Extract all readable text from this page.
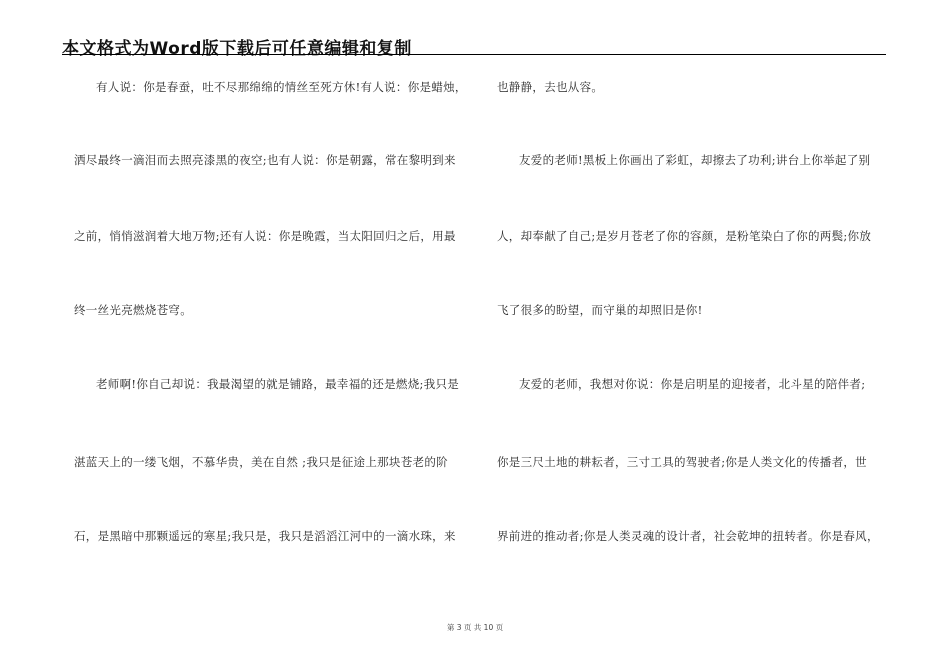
本文格式为Word版下载后可任意编辑和复制
有人说：你是春蚕，吐不尽那绵绵的情丝至死方休!有人说：你是蜡烛，
洒尽最终一滴泪而去照亮漆黑的夜空;也有人说：你是朝露，常在黎明到来
之前，悄悄滋润着大地万物;还有人说：你是晚霞，当太阳回归之后，用最
终一丝光亮燃烧苍穹。
老师啊!你自己却说：我最渴望的就是铺路，最幸福的还是燃烧;我只是
湛蓝天上的一缕飞烟，不慕华贵，美在自然 ;我只是征途上那块苍老的阶
石，是黑暗中那颗遥远的寒星;我只是，我只是滔滔江河中的一滴水珠，来
也静静，去也从容。
友爱的老师!黑板上你画出了彩虹，却擦去了功利;讲台上你举起了别
人，却奉献了自己;是岁月苍老了你的容颜，是粉笔染白了你的两鬓;你放
飞了很多的盼望，而守巢的却照旧是你!
友爱的老师，我想对你说：你是启明星的迎接者，北斗星的陪伴者;
你是三尺土地的耕耘者，三寸工具的驾驶者;你是人类文化的传播者，世
界前进的推动者;你是人类灵魂的设计者，社会乾坤的扭转者。你是春风，
第 3 页 共 10 页
